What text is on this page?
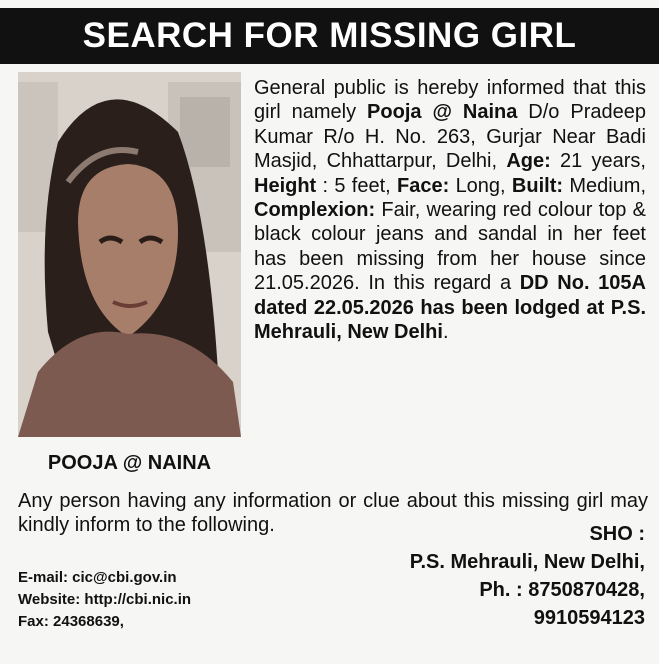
SEARCH FOR MISSING GIRL
POOJA @ NAINA
General public is hereby informed that this girl namely Pooja @ Naina D/o Pradeep Kumar R/o H. No. 263, Gurjar Near Badi Masjid, Chhattarpur, Delhi, Age: 21 years, Height : 5 feet, Face: Long, Built: Medium, Complexion: Fair, wearing red colour top & black colour jeans and sandal in her feet has been missing from her house since 21.05.2026. In this regard a DD No. 105A dated 22.05.2026 has been lodged at P.S. Mehrauli, New Delhi.
Any person having any information or clue about this missing girl may kindly inform to the following.
E-mail: cic@cbi.gov.in
Website: http://cbi.nic.in
Fax: 24368639,
SHO :
P.S. Mehrauli, New Delhi,
Ph. : 8750870428,
9910594123
